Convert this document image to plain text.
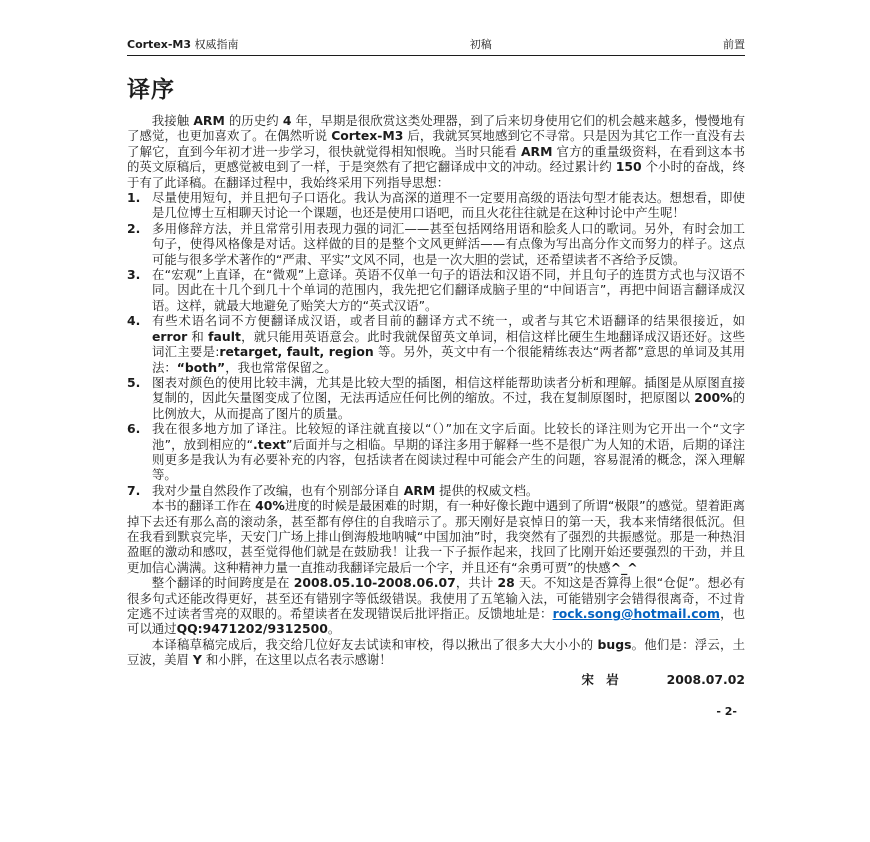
Cortex-M3 权威指南	初稿	前置
译序
我接触 ARM 的历史约 4 年，早期是很欣赏这类处理器，到了后来切身使用它们的机会越来越多，慢慢地有了感觉，也更加喜欢了。在偶然听说 Cortex-M3 后，我就冥冥地感到它不寻常。只是因为其它工作一直没有去了解它，直到今年初才进一步学习，很快就觉得相知恨晚。当时只能看 ARM 官方的重量级资料，在看到这本书的英文原稿后，更感觉被电到了一样，于是突然有了把它翻译成中文的冲动。经过累计约 150 个小时的奋战，终于有了此译稿。在翻译过程中，我始终采用下列指导思想：
1. 尽量使用短句，并且把句子口语化。我认为高深的道理不一定要用高级的语法句型才能表达。想想看，即使是几位博士互相聊天讨论一个课题，也还是使用口语吧，而且火花往往就是在这种讨论中产生呢！
2. 多用修辞方法，并且常常引用表现力强的词汇——甚至包括网络用语和脍炙人口的歌词。另外，有时会加工句子，使得风格像是对话。这样做的目的是整个文风更鲜活——有点像为写出高分作文而努力的样子。这点可能与很多学术著作的“严肃、平实”文风不同，也是一次大胆的尝试，还希望读者不吝给予反馈。
3. 在“宏观”上直译，在“微观”上意译。英语不仅单一句子的语法和汉语不同，并且句子的连贯方式也与汉语不同。因此在十几个到几十个单词的范围内，我先把它们翻译成脑子里的“中间语言”，再把中间语言翻译成汉语。这样，就最大地避免了贻笑大方的“英式汉语”。
4. 有些术语名词不方便翻译成汉语，或者目前的翻译方式不统一，或者与其它术语翻译的结果很接近，如 error 和 fault，就只能用英语意会。此时我就保留英文单词，相信这样比硬生生地翻译成汉语还好。这些词汇主要是:retarget, fault, region 等。另外，英文中有一个很能精练表达“两者都”意思的单词及其用法：“both”，我也常常保留之。
5. 图表对颜色的使用比较丰满，尤其是比较大型的插图，相信这样能帮助读者分析和理解。插图是从原图直接复制的，因此矢量图变成了位图，无法再适应任何比例的缩放。不过，我在复制原图时，把原图以 200%的比例放大，从而提高了图片的质量。
6. 我在很多地方加了译注。比较短的译注就直接以“（）”加在文字后面。比较长的译注则为它开出一个“文字池”，放到相应的“.text”后面并与之相临。早期的译注多用于解释一些不是很广为人知的术语，后期的译注则更多是我认为有必要补充的内容，包括读者在阅读过程中可能会产生的问题，容易混淆的概念，深入理解等。
7. 我对少量自然段作了改编，也有个别部分译自 ARM 提供的权威文档。
本书的翻译工作在 40%进度的时候是最困难的时期，有一种好像长跑中遇到了所谓“极限”的感觉。望着距离掉下去还有那么高的滚动条，甚至都有停住的自我暗示了。那天刚好是哀悼日的第一天，我本来情绪很低沉。但在我看到默哀完毕，天安门广场上排山倒海般地呐喊“中国加油”时，我突然有了强烈的共振感觉。那是一种热泪盈眶的激动和感叹，甚至觉得他们就是在鼓励我！让我一下子振作起来，找回了比刚开始还要强烈的干劲，并且更加信心满满。这种精神力量一直推动我翻译完最后一个字，并且还有“余勇可贾”的快感^_^
整个翻译的时间跨度是在 2008.05.10-2008.06.07，共计 28 天。不知这是否算得上很“仓促”。想必有很多句式还能改得更好，甚至还有错别字等低级错误。我使用了五笔输入法，可能错别字会错得很离奇，不过肯定逃不过读者雪亮的双眼的。希望读者在发现错误后批评指正。反馈地址是：rock.song@hotmail.com，也可以通过QQ:9471202/9312500。
本译稿草稿完成后，我交给几位好友去试读和审校，得以揪出了很多大大小小的 bugs。他们是：浮云，土豆波，美眉 Y 和小胖，在这里以点名表示感谢！
宋 岩	2008.07.02
- 2-
